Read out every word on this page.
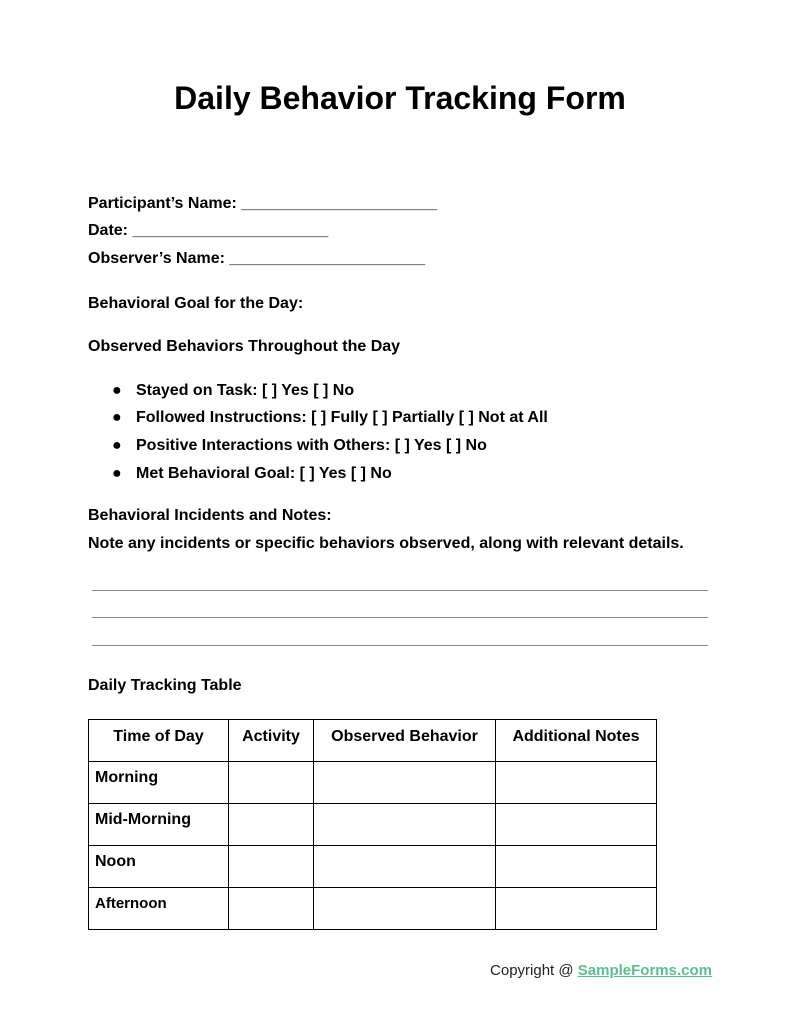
Daily Behavior Tracking Form
Participant’s Name: ______________________
Date: ______________________
Observer’s Name: ______________________
Behavioral Goal for the Day:
Observed Behaviors Throughout the Day
● Stayed on Task: [ ] Yes [ ] No
● Followed Instructions: [ ] Fully [ ] Partially [ ] Not at All
● Positive Interactions with Others: [ ] Yes [ ] No
● Met Behavioral Goal: [ ] Yes [ ] No
Behavioral Incidents and Notes:
Note any incidents or specific behaviors observed, along with relevant details.
Daily Tracking Table
Time of Day	Activity	Observed Behavior	Additional Notes
Morning			
Mid-Morning			
Noon			
Afternoon			
Copyright @ SampleForms.com
